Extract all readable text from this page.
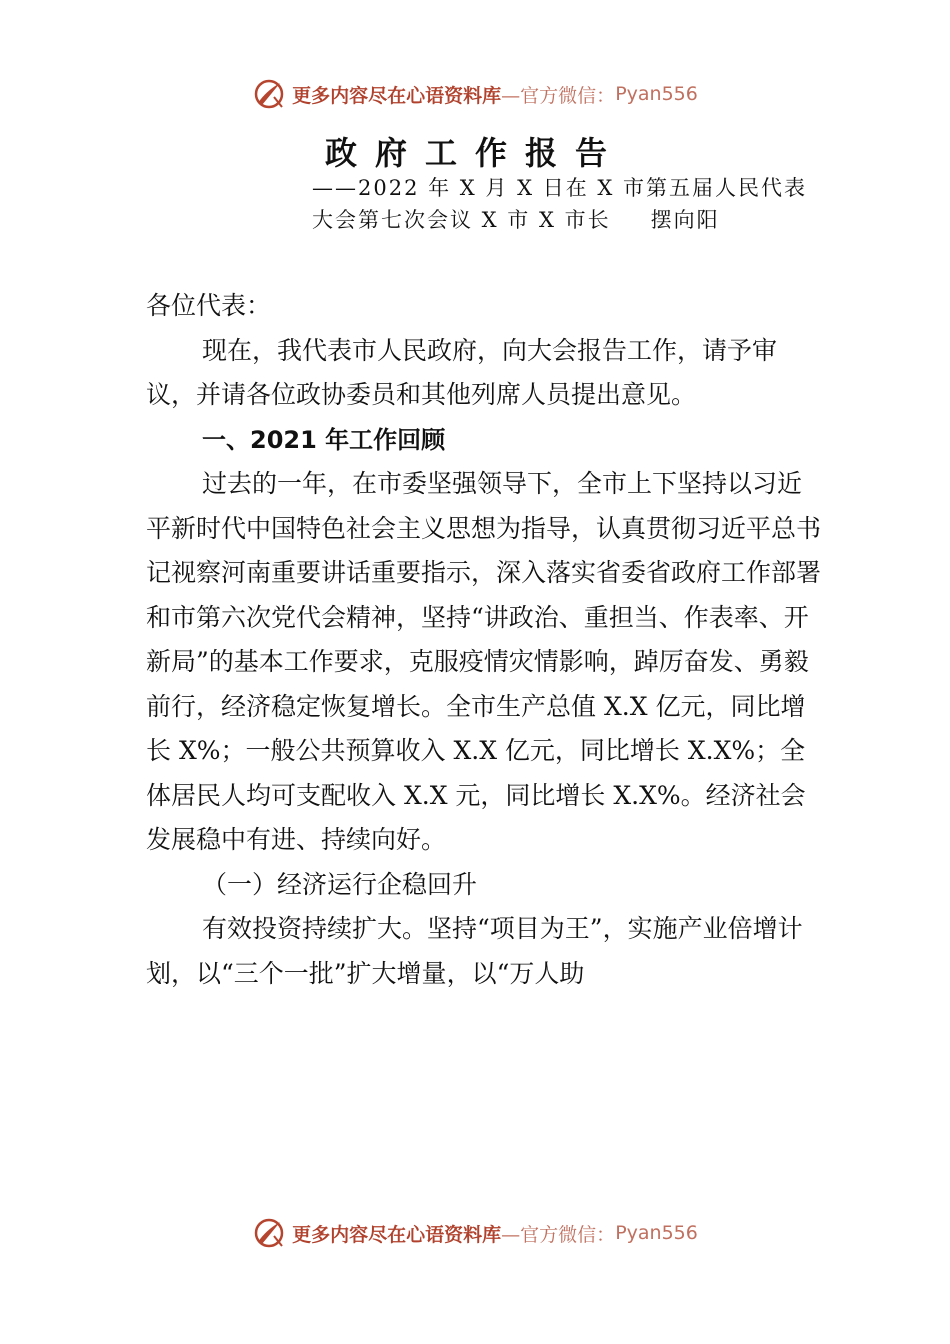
更多内容尽在心语资料库 —官方微信： Pyan556
政府工作报告
——2022 年 X 月 X 日在 X 市第五届人民代表
大会第七次会议 X 市 X 市长 摆向阳

各位代表：

现在，我代表市人民政府，向大会报告工作，请予审议，并请各位政协委员和其他列席人员提出意见。

一、2021 年工作回顾

过去的一年，在市委坚强领导下，全市上下坚持以习近平新时代中国特色社会主义思想为指导，认真贯彻习近平总书记视察河南重要讲话重要指示，深入落实省委省政府工作部署和市第六次党代会精神，坚持“讲政治、重担当、作表率、开新局”的基本工作要求，克服疫情灾情影响，踔厉奋发、勇毅前行，经济稳定恢复增长。全市生产总值 X.X 亿元，同比增长 X%；一般公共预算收入 X.X 亿元，同比增长 X.X%；全体居民人均可支配收入 X.X 元，同比增长 X.X%。经济社会发展稳中有进、持续向好。

（一）经济运行企稳回升

有效投资持续扩大。坚持“项目为王”，实施产业倍增计划，以“三个一批”扩大增量，以“万人助

更多内容尽在心语资料库 —官方微信： Pyan556
